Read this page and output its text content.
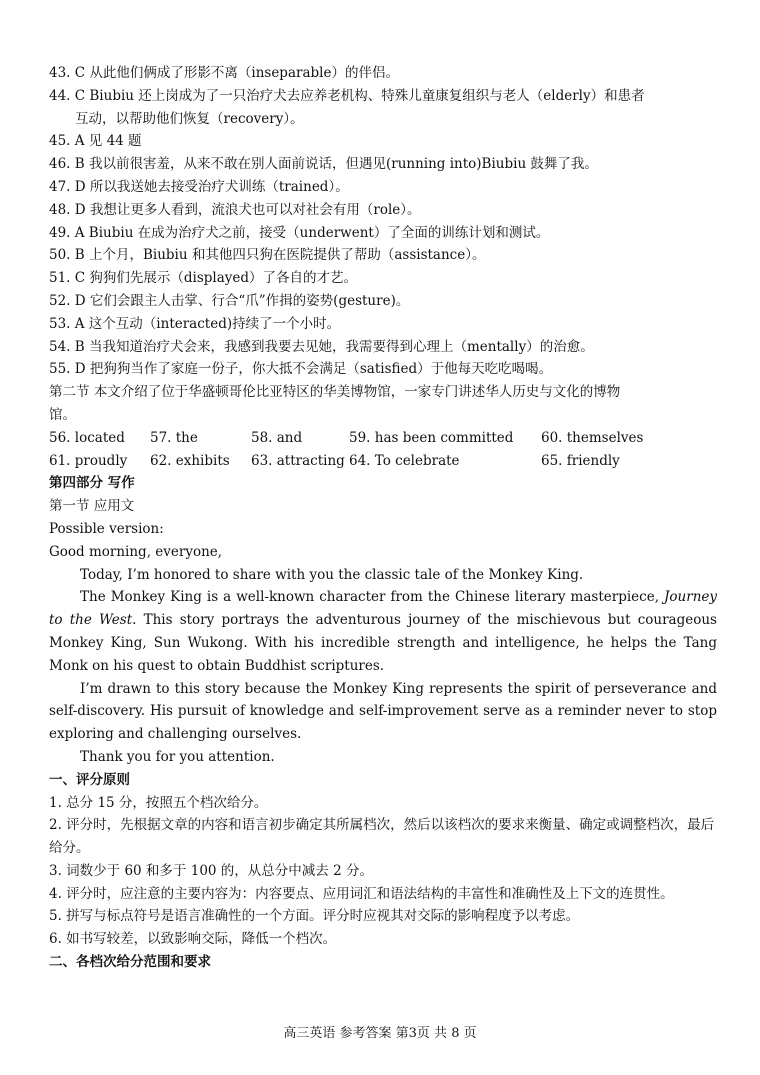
43. C 从此他们俩成了形影不离（inseparable）的伴侣。
44. C Biubiu 还上岗成为了一只治疗犬去应养老机构、特殊儿童康复组织与老人（elderly）和患者
互动，以帮助他们恢复（recovery）。
45. A 见 44 题
46. B 我以前很害羞，从来不敢在别人面前说话，但遇见(running into)Biubiu 鼓舞了我。
47. D 所以我送她去接受治疗犬训练（trained）。
48. D 我想让更多人看到，流浪犬也可以对社会有用（role）。
49. A Biubiu 在成为治疗犬之前，接受（underwent）了全面的训练计划和测试。
50. B 上个月，Biubiu 和其他四只狗在医院提供了帮助（assistance）。
51. C 狗狗们先展示（displayed）了各自的才艺。
52. D 它们会跟主人击掌、行合“爪”作揖的姿势(gesture)。
53. A 这个互动（interacted)持续了一个小时。
54. B 当我知道治疗犬会来，我感到我要去见她，我需要得到心理上（mentally）的治愈。
55. D 把狗狗当作了家庭一份子，你大抵不会满足（satisfied）于他每天吃吃喝喝。
第二节 本文介绍了位于华盛顿哥伦比亚特区的华美博物馆，一家专门讲述华人历史与文化的博物
馆。
56. located	57. the	58. and	59. has been committed	60. themselves
61. proudly	62. exhibits	63. attracting 64. To celebrate	65. friendly
第四部分 写作
第一节 应用文
Possible version:
Good morning, everyone,
Today, I’m honored to share with you the classic tale of the Monkey King.
The Monkey King is a well-known character from the Chinese literary masterpiece, Journey to the West. This story portrays the adventurous journey of the mischievous but courageous Monkey King, Sun Wukong. With his incredible strength and intelligence, he helps the Tang Monk on his quest to obtain Buddhist scriptures.
I’m drawn to this story because the Monkey King represents the spirit of perseverance and self-discovery. His pursuit of knowledge and self-improvement serve as a reminder never to stop exploring and challenging ourselves.
Thank you for you attention.
一、评分原则
1. 总分 15 分，按照五个档次给分。
2. 评分时，先根据文章的内容和语言初步确定其所属档次，然后以该档次的要求来衡量、确定或调整档次，最后给分。
3. 词数少于 60 和多于 100 的，从总分中减去 2 分。
4. 评分时，应注意的主要内容为：内容要点、应用词汇和语法结构的丰富性和准确性及上下文的连贯性。
5. 拼写与标点符号是语言准确性的一个方面。评分时应视其对交际的影响程度予以考虑。
6. 如书写较差，以致影响交际，降低一个档次。
二、各档次给分范围和要求
高三英语 参考答案 第3页 共 8 页
